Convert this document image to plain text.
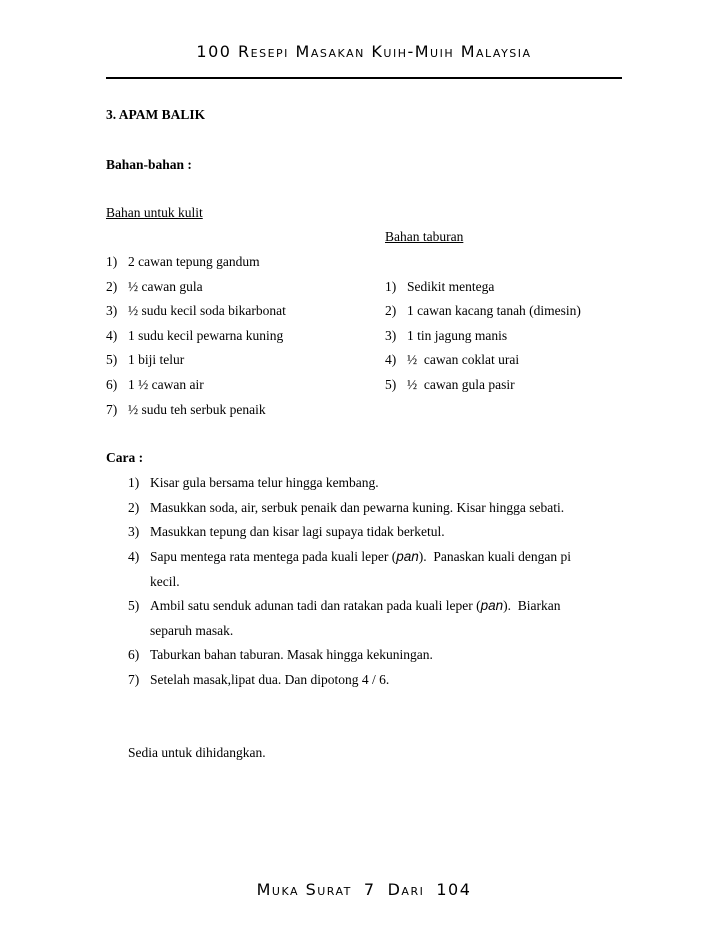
100 Resepi Masakan Kuih-Muih Malaysia
3. APAM BALIK
Bahan-bahan :
Bahan untuk kulit
Bahan taburan
1) 2 cawan tepung gandum
2) ½ cawan gula
3) ½ sudu kecil soda bikarbonat
4) 1 sudu kecil pewarna kuning
5) 1 biji telur
6) 1 ½ cawan air
7) ½ sudu teh serbuk penaik
1) Sedikit mentega
2) 1 cawan kacang tanah (dimesin)
3) 1 tin jagung manis
4) ½  cawan coklat urai
5) ½  cawan gula pasir
Cara :
1) Kisar gula bersama telur hingga kembang.
2) Masukkan soda, air, serbuk penaik dan pewarna kuning. Kisar hingga sebati.
3) Masukkan tepung dan kisar lagi supaya tidak berketul.
4) Sapu mentega rata mentega pada kuali leper (pan).  Panaskan kuali dengan pi
kecil.
5) Ambil satu senduk adunan tadi dan ratakan pada kuali leper (pan).  Biarkan
separuh masak.
6) Taburkan bahan taburan. Masak hingga kekuningan.
7) Setelah masak,lipat dua. Dan dipotong 4 / 6.
Sedia untuk dihidangkan.
Muka Surat 7 Dari 104
